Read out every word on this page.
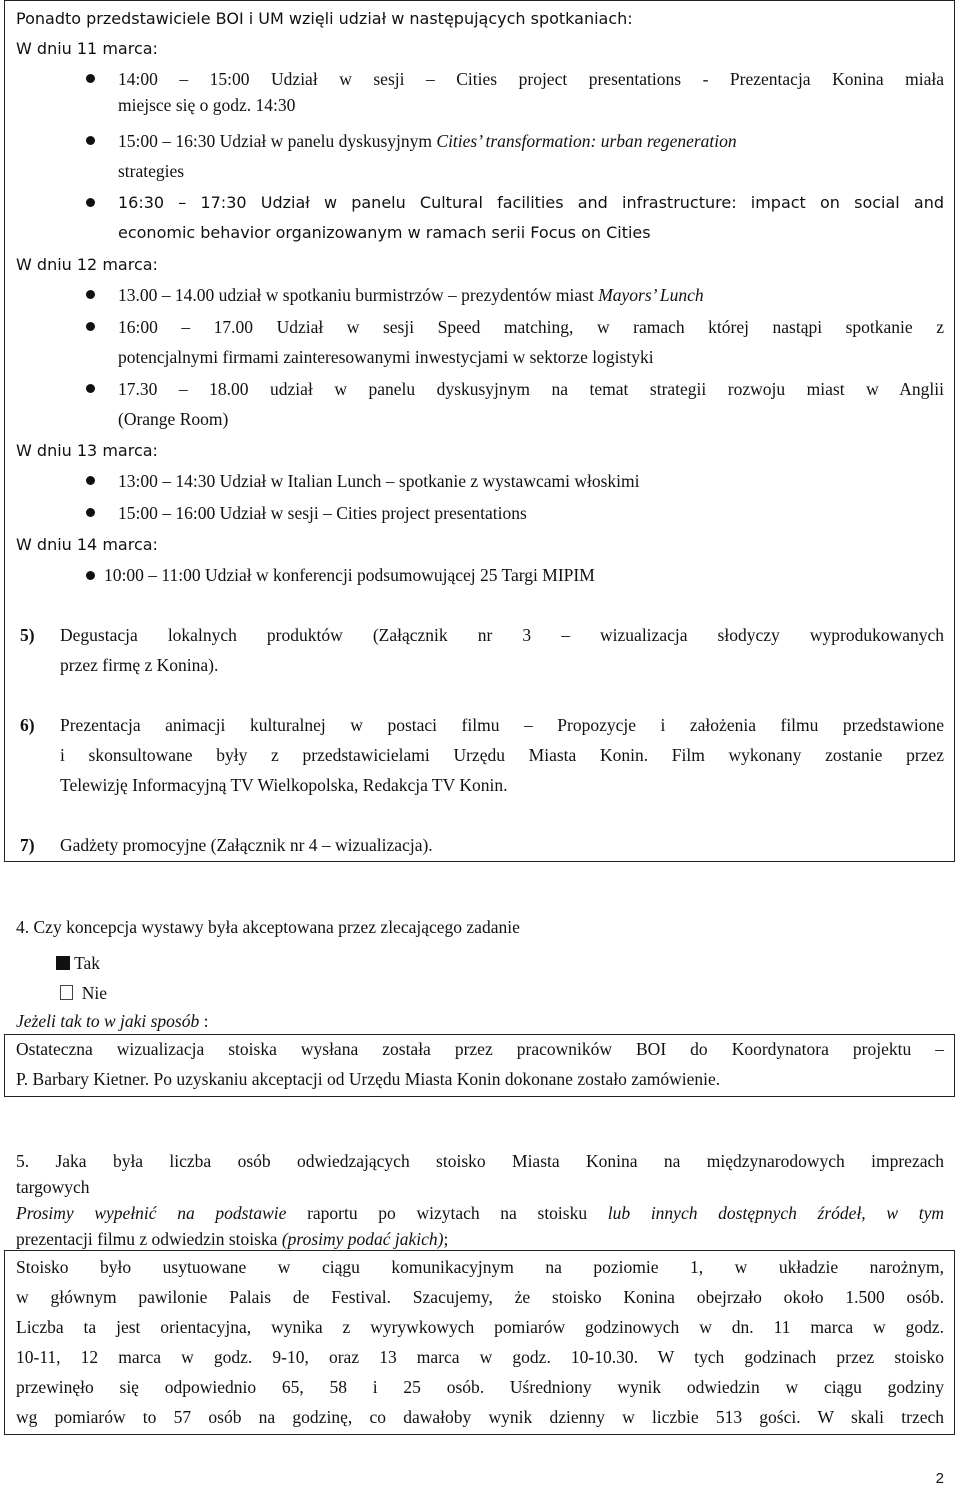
Ponadto przedstawiciele BOI i UM wzięli udział w następujących spotkaniach:
W dniu 11 marca:
14:00 – 15:00 Udział w sesji – Cities project presentations - Prezentacja Konina miała
miejsce się o godz. 14:30
15:00 – 16:30 Udział w panelu dyskusyjnym Cities’ transformation: urban regeneration
strategies
16:30 – 17:30 Udział w panelu Cultural facilities and infrastructure: impact on social and
economic behavior organizowanym w ramach serii Focus on Cities
W dniu 12 marca:
13.00 – 14.00 udział w spotkaniu burmistrzów – prezydentów miast Mayors’ Lunch
16:00 – 17.00 Udział w sesji Speed matching, w ramach której nastąpi spotkanie z
potencjalnymi firmami zainteresowanymi inwestycjami w sektorze logistyki
17.30 – 18.00 udział w panelu dyskusyjnym na temat strategii rozwoju miast w Anglii
(Orange Room)
W dniu 13 marca:
13:00 – 14:30 Udział w Italian Lunch – spotkanie z wystawcami włoskimi
15:00 – 16:00 Udział w sesji – Cities project presentations
W dniu 14 marca:
10:00 – 11:00 Udział w konferencji podsumowującej 25 Targi MIPIM
5) Degustacja lokalnych produktów (Załącznik nr 3 – wizualizacja słodyczy wyprodukowanych
przez firmę z Konina).
6) Prezentacja animacji kulturalnej w postaci filmu – Propozycje i założenia filmu przedstawione
i skonsultowane były z przedstawicielami Urzędu Miasta Konin. Film wykonany zostanie przez
Telewizję Informacyjną TV Wielkopolska, Redakcja TV Konin.
7) Gadżety promocyjne (Załącznik nr 4 – wizualizacja).
4. Czy koncepcja wystawy była akceptowana przez zlecającego zadanie
Tak
Nie
Jeżeli tak to w jaki sposób :
Ostateczna wizualizacja stoiska wysłana została przez pracowników BOI do Koordynatora projektu –
P. Barbary Kietner. Po uzyskaniu akceptacji od Urzędu Miasta Konin dokonane zostało zamówienie.
5. Jaka była liczba osób odwiedzających stoisko Miasta Konina na międzynarodowych imprezach
targowych
Prosimy wypełnić na podstawie raportu po wizytach na stoisku lub innych dostępnych źródeł, w tym
prezentacji filmu z odwiedzin stoiska (prosimy podać jakich);
Stoisko było usytuowane w ciągu komunikacyjnym na poziomie 1, w układzie narożnym,
w głównym pawilonie Palais de Festival. Szacujemy, że stoisko Konina obejrzało około 1.500 osób.
Liczba ta jest orientacyjna, wynika z wyrywkowych pomiarów godzinowych w dn. 11 marca w godz.
10-11, 12 marca w godz. 9-10, oraz 13 marca w godz. 10-10.30. W tych godzinach przez stoisko
przewinęło się odpowiednio 65, 58 i 25 osób. Uśredniony wynik odwiedzin w ciągu godziny
wg pomiarów to 57 osób na godzinę, co dawałoby wynik dzienny w liczbie 513 gości. W skali trzech
2
